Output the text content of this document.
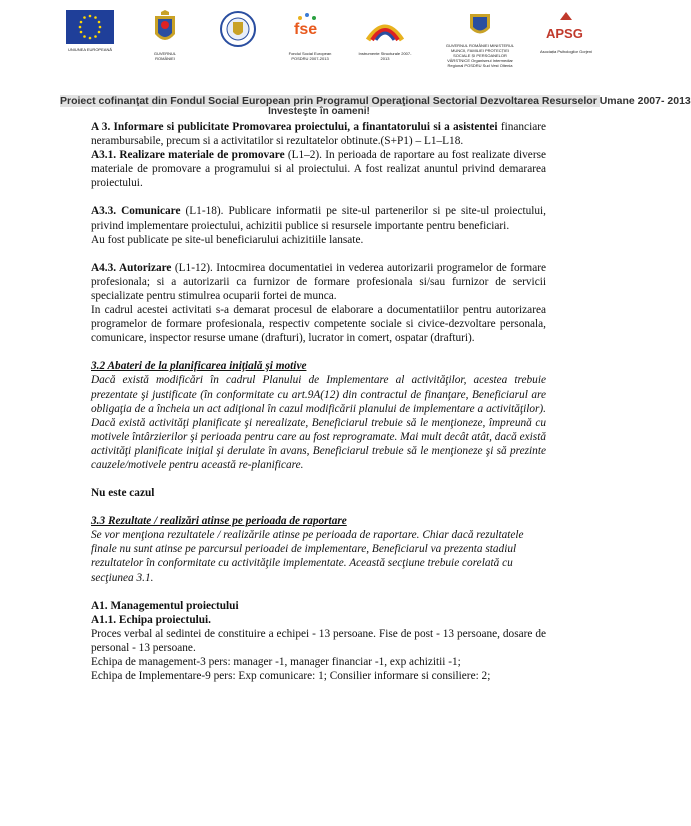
UNIUNEA EUROPEANĂ
GUVERNUL ROMÂNIEI
fse
Fondul Social European POSDRU 2007-2013
Instrumente Structurale 2007-2013
GUVERNUL ROMÂNIEI MINISTERUL MUNCII, FAMILIEI PROTECȚIEI SOCIALE ȘI PERSOANELOR VÂRSTNICE Organismul Intermediar Regional POSDRU Sud Vest Oltenia
APSG
Asociația Psihologilor Gorjeni
Proiect cofinanţat din Fondul Social European prin Programul Operaţional Sectorial Dezvoltarea Resurselor Umane 2007- 2013
Investeşte în oameni!

A 3. Informare si publicitate Promovarea proiectului, a finantatorului si a asistentei financiare nerambursabile, precum si a activitatilor si rezultatelor obtinute.(S+P1) – L1–L18.

A3.1. Realizare materiale de promovare (L1–2). In perioada de raportare au fost realizate diverse materiale de promovare a programului si al proiectului. A fost realizat anuntul privind demararea proiectului.

A3.3. Comunicare (L1-18). Publicare informatii pe site-ul partenerilor si pe site-ul proiectului, privind implementare proiectului, achizitii publice si resursele importante pentru beneficiari.

Au fost publicate pe site-ul beneficiarului achizitiile lansate.

A4.3. Autorizare (L1-12). Intocmirea documentatiei in vederea autorizarii programelor de formare profesionala; si a autorizarii ca furnizor de formare profesionala si/sau furnizor de servicii specializate pentru stimulrea ocuparii fortei de munca.

In cadrul acestei activitati s-a demarat procesul de elaborare a documentatiilor pentru autorizarea programelor de formare profesionala, respectiv competente sociale si civice-dezvoltare personala, comunicare, inspector resurse umane (drafturi), lucrator in comert, ospatar (drafturi).

3.2 Abateri de la planificarea iniţială şi motive

Dacă există modificări în cadrul Planului de Implementare al activităţilor, acestea trebuie prezentate şi justificate (în conformitate cu art.9A(12) din contractul de finanţare, Beneficiarul are obligaţia de a încheia un act adiţional în cazul modificării planului de implementare a activităţilor). Dacă există activităţi planificate şi nerealizate, Beneficiarul trebuie să le menţioneze, împreună cu motivele întârzierilor şi perioada pentru care au fost reprogramate. Mai mult decât atât, dacă există activităţi planificate iniţial şi derulate în avans, Beneficiarul trebuie să le menţioneze şi să prezinte cauzele/motivele pentru această re-planificare.

Nu este cazul

3.3 Rezultate / realizări atinse pe perioada de raportare

Se vor menţiona rezultatele / realizările atinse pe perioada de raportare. Chiar dacă rezultatele finale nu sunt atinse pe parcursul perioadei de implementare, Beneficiarul va prezenta stadiul rezultatelor în conformitate cu activităţile implementate. Această secţiune trebuie corelată cu secţiunea 3.1.

A1. Managementul proiectului

A1.1. Echipa proiectului.

Proces verbal al sedintei de constituire a echipei - 13 persoane. Fise de post - 13 persoane, dosare de personal - 13 persoane.

Echipa de management-3 pers: manager -1, manager financiar -1, exp achizitii -1;

Echipa de Implementare-9 pers: Exp comunicare: 1; Consilier informare si consiliere: 2;
